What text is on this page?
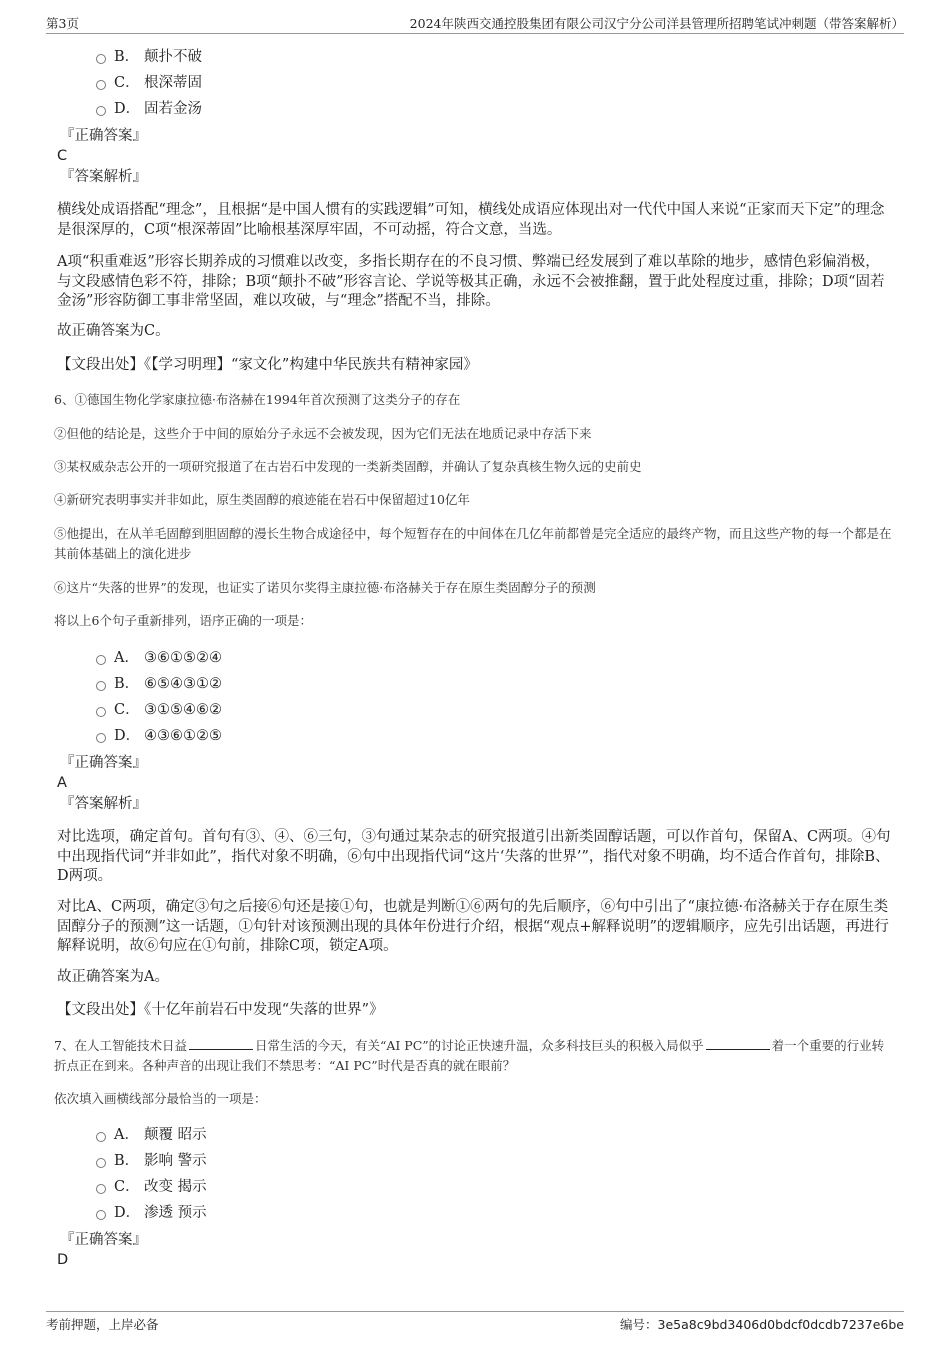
第3页	2024年陕西交通控股集团有限公司汉宁分公司洋县管理所招聘笔试冲刺题（带答案解析）
B． 颠扑不破
C． 根深蒂固
D． 固若金汤
『正确答案』
C
『答案解析』
横线处成语搭配“理念”，且根据“是中国人惯有的实践逻辑”可知，横线处成语应体现出对一代代中国人来说“正家而天下定”的理念是很深厚的，C项“根深蒂固”比喻根基深厚牢固，不可动摇，符合文意，当选。
A项“积重难返”形容长期养成的习惯难以改变，多指长期存在的不良习惯、弊端已经发展到了难以革除的地步，感情色彩偏消极，与文段感情色彩不符，排除；B项“颠扑不破”形容言论、学说等极其正确，永远不会被推翻，置于此处程度过重，排除；D项“固若金汤”形容防御工事非常坚固，难以攻破，与“理念”搭配不当，排除。
故正确答案为C。
【文段出处】《【学习明理】“家文化”构建中华民族共有精神家园》
6、①德国生物化学家康拉德·布洛赫在1994年首次预测了这类分子的存在
②但他的结论是，这些介于中间的原始分子永远不会被发现，因为它们无法在地质记录中存活下来
③某权威杂志公开的一项研究报道了在古岩石中发现的一类新类固醇，并确认了复杂真核生物久远的史前史
④新研究表明事实并非如此，原生类固醇的痕迹能在岩石中保留超过10亿年
⑤他提出，在从羊毛固醇到胆固醇的漫长生物合成途径中，每个短暂存在的中间体在几亿年前都曾是完全适应的最终产物，而且这些产物的每一个都是在其前体基础上的演化进步
⑥这片“失落的世界”的发现，也证实了诺贝尔奖得主康拉德·布洛赫关于存在原生类固醇分子的预测
将以上6个句子重新排列，语序正确的一项是：
A． ③⑥①⑤②④
B． ⑥⑤④③①②
C． ③①⑤④⑥②
D． ④③⑥①②⑤
『正确答案』
A
『答案解析』
对比选项，确定首句。首句有③、④、⑥三句，③句通过某杂志的研究报道引出新类固醇话题，可以作首句，保留A、C两项。④句中出现指代词“并非如此”，指代对象不明确，⑥句中出现指代词“这片‘失落的世界’”，指代对象不明确，均不适合作首句，排除B、D两项。
对比A、C两项，确定③句之后接⑥句还是接①句，也就是判断①⑥两句的先后顺序，⑥句中引出了“康拉德·布洛赫关于存在原生类固醇分子的预测”这一话题，①句针对该预测出现的具体年份进行介绍，根据“观点+解释说明”的逻辑顺序，应先引出话题，再进行解释说明，故⑥句应在①句前，排除C项，锁定A项。
故正确答案为A。
【文段出处】《十亿年前岩石中发现“失落的世界”》
7、在人工智能技术日益	日常生活的今天，有关“AI PC”的讨论正快速升温，众多科技巨头的积极入局似乎	着一个重要的行业转折点正在到来。各种声音的出现让我们不禁思考：“AI PC”时代是否真的就在眼前？
依次填入画横线部分最恰当的一项是：
A． 颠覆 昭示
B． 影响 警示
C． 改变 揭示
D． 渗透 预示
『正确答案』
D
考前押题，上岸必备	编号：3e5a8c9bd3406d0bdcf0dcdb7237e6be
